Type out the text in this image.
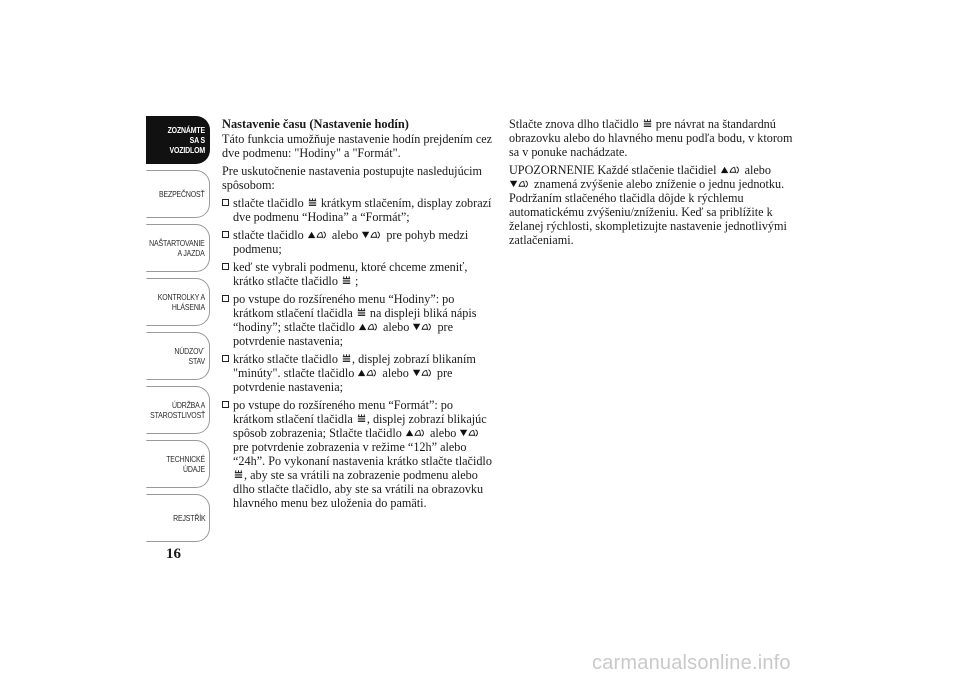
ZOZNÁMTE SA S VOZIDLOM
BEZPEČNOSŤ
NAŠTARTOVANIE A JAZDA
KONTROLKY A HLÁSENIA
NÚDZOV´ STAV
ÚDRŽBA A STAROSTLIVOSŤ
TECHNICKÉ ÚDAJE
REJSTŘÍK
16
Nastavenie času (Nastavenie hodín)

Táto funkcia umožňuje nastavenie hodín prejdením cez dve podmenu: "Hodiny" a "Formát".

Pre uskutočnenie nastavenia postupujte nasledujúcim spôsobom:

stlačte tlačidlo krátkym stlačením, display zobrazí dve podmenu “Hodina” a “Formát”;
stlačte tlačidlo alebo pre pohyb medzi podmenu;
keď ste vybrali podmenu, ktoré chceme zmeniť, krátko stlačte tlačidlo ;
po vstupe do rozšíreného menu “Hodiny”: po krátkom stlačení tlačidla na displeji bliká nápis “hodiny”; stlačte tlačidlo alebo pre potvrdenie nastavenia;
krátko stlačte tlačidlo , displej zobrazí blikaním "minúty". stlačte tlačidlo alebo pre potvrdenie nastavenia;
po vstupe do rozšíreného menu “Formát”: po krátkom stlačení tlačidla , displej zobrazí blikajúc spôsob zobrazenia; Stlačte tlačidlo alebo  pre potvrdenie zobrazenia v režime “12h” alebo “24h”. Po vykonaní nastavenia krátko stlačte tlačidlo , aby ste sa vrátili na zobrazenie podmenu alebo dlho stlačte tlačidlo, aby ste sa vrátili na obrazovku hlavného menu bez uloženia do pamäti.

Stlačte znova dlho tlačidlo pre návrat na štandardnú obrazovku alebo do hlavného menu podľa bodu, v ktorom sa v ponuke nachádzate.

UPOZORNENIE Každé stlačenie tlačidiel alebo  znamená zvýšenie alebo zníženie o jednu jednotku. Podržaním stlačeného tlačidla dôjde k rýchlemu automatickému zvýšeniu/zníženiu. Keď sa priblížite k želanej rýchlosti, skompletizujte nastavenie jednotlivými zatlačeniami.

carmanualsonline.info
